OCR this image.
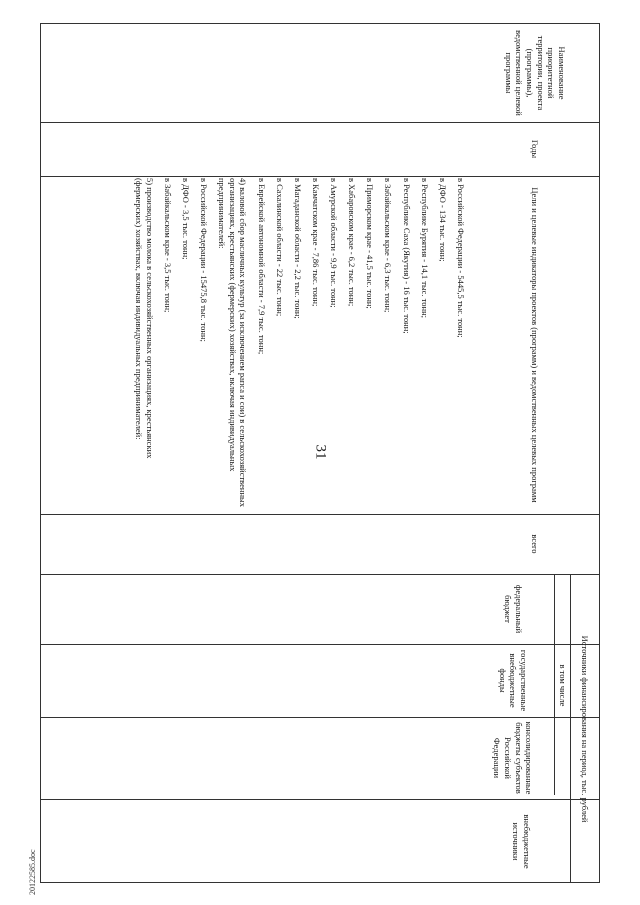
31
Наименование приоритетной территории, проекта (программы), ведомственной целевой программы
Годы
Цели и целевые индикаторы проектов (программ) и ведомственных целевых программ
всего
Источники финансирования на период, тыс. рублей
в том числе
федеральный бюджет
государственные внебюджетные фонды
консолидированные бюджеты субъектов Российской Федерации
внебюджетные источники
в Российской Федерации - 5445,5 тыс. тонн;
в ДФО - 134 тыс. тонн;
в Республике Бурятия - 14,1 тыс. тонн;
в Республике Саха (Якутия) - 16 тыс. тонн;
в Забайкальском крае - 6,3 тыс. тонн;
в Приморском крае - 41,5 тыс. тонн;
в Хабаровском крае - 6,2 тыс. тонн;
в Амурской области - 9,9 тыс. тонн;
в Камчатском крае - 7,86 тыс. тонн;
в Магаданской области - 2,2 тыс. тонн;
в Сахалинской области - 22 тыс. тонн;
в Еврейской автономной области - 7,9 тыс. тонн;
4) валовой сбор масличных культур (за исключением рапса и сои) в сельскохозяйственных организациях, крестьянских (фермерских) хозяйствах, включая индивидуальных предпринимателей:
в Российской Федерации - 15475,8 тыс. тонн;
в ДФО - 3,5 тыс. тонн;
в Забайкальском крае - 3,5 тыс. тонн;
5) производство молока в сельскохозяйственных организациях, крестьянских (фермерских) хозяйствах, включая индивидуальных предпринимателей:
20122585.doc
